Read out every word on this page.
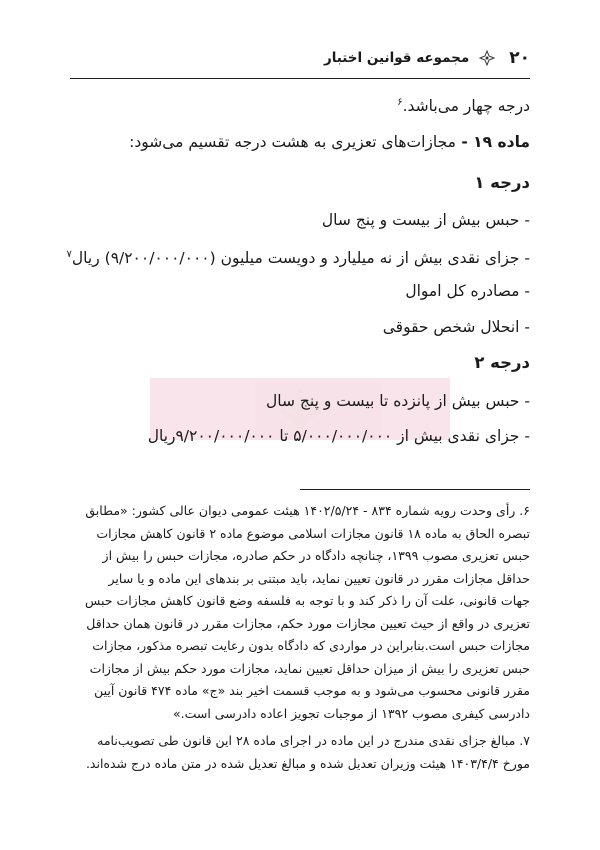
۲۰
مجموعه قوانین اختبار
درجه چهار می‌باشد.$^۶$
ماده ۱۹ - مجازات‌های تعزیری به هشت درجه تقسیم می‌شود:
درجه ۱
- حبس بیش از بیست و پنج سال
- جزای نقدی بیش از نه میلیارد و دویست میلیون (۹/۲۰۰/۰۰۰/۰۰۰) ریال$^۷$
- مصادره کل اموال
- انحلال شخص حقوقی
درجه ۲
- حبس بیش از پانزده تا بیست و پنج سال
- جزای نقدی بیش از ۵/۰۰۰/۰۰۰/۰۰۰ تا ۹/۲۰۰/۰۰۰/۰۰۰ریال
۶. رأی وحدت رویه شماره ۸۳۴ - ۱۴۰۲/۵/۲۴ هیئت عمومی دیوان عالی کشور: «مطابق
تبصره الحاق به ماده ۱۸ قانون مجازات اسلامی موضوع ماده ۲ قانون کاهش مجازات
حبس تعزیری مصوب ۱۳۹۹، چنانچه دادگاه در حکم صادره، مجازات حبس را بیش از
حداقل مجازات مقرر در قانون تعیین نماید، باید مبتنی بر بندهای این ماده و یا سایر
جهات قانونی، علت آن را ذکر کند و با توجه به فلسفه وضع قانون کاهش مجازات حبس
تعزیری در واقع از حیث تعیین مجازات مورد حکم، مجازات مقرر در قانون همان حداقل
مجازات حبس است.بنابراین در مواردی که دادگاه بدون رعایت تبصره مذکور، مجازات
حبس تعزیری را بیش از میزان حداقل تعیین نماید، مجازات مورد حکم بیش از مجازات
مقرر قانونی محسوب می‌شود و به موجب قسمت اخیر بند «ج» ماده ۴۷۴ قانون آیین
دادرسی کیفری مصوب ۱۳۹۲ از موجبات تجویز اعاده دادرسی است.»
۷. مبالغ جزای نقدی مندرج در این ماده در اجرای ماده ۲۸ این قانون طی تصویب‌نامه
مورخ ۱۴۰۳/۴/۴ هیئت وزیران تعدیل شده و مبالغ تعدیل شده در متن ماده درج شده‌اند.
